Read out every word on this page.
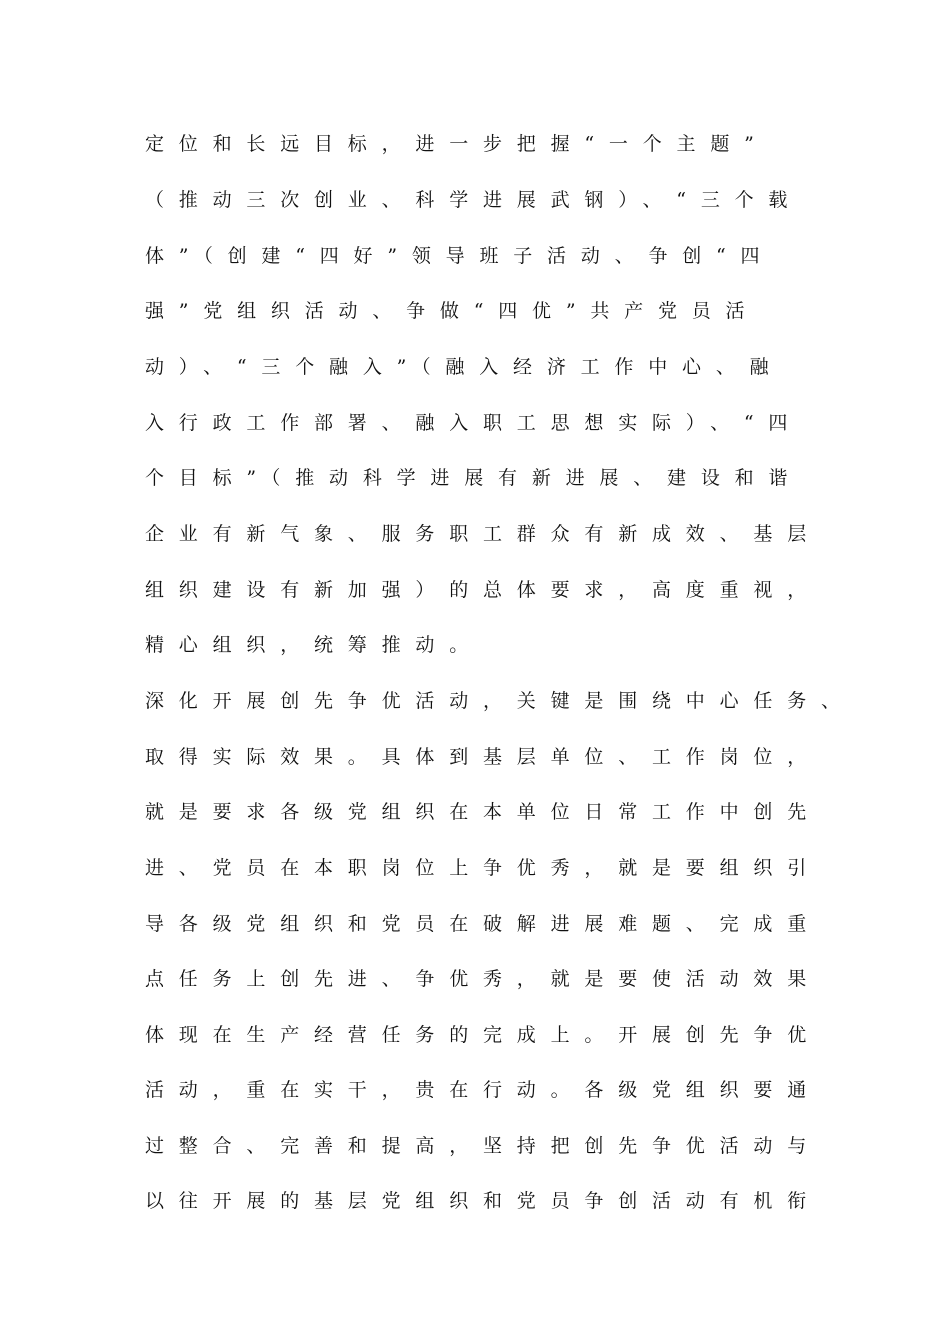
定位和长远目标，进一步把握“一个主题”
（推动三次创业、科学进展武钢）、“三个载
体”（创建“四好”领导班子活动、争创“四
强”党组织活动、争做“四优”共产党员活
动）、“三个融入”（融入经济工作中心、融
入行政工作部署、融入职工思想实际）、“四
个目标”（推动科学进展有新进展、建设和谐
企业有新气象、服务职工群众有新成效、基层
组织建设有新加强）的总体要求，高度重视，
精心组织，统筹推动。
深化开展创先争优活动，关键是围绕中心任务、
取得实际效果。具体到基层单位、工作岗位，
就是要求各级党组织在本单位日常工作中创先
进、党员在本职岗位上争优秀，就是要组织引
导各级党组织和党员在破解进展难题、完成重
点任务上创先进、争优秀，就是要使活动效果
体现在生产经营任务的完成上。开展创先争优
活动，重在实干，贵在行动。各级党组织要通
过整合、完善和提高，坚持把创先争优活动与
以往开展的基层党组织和党员争创活动有机衔
